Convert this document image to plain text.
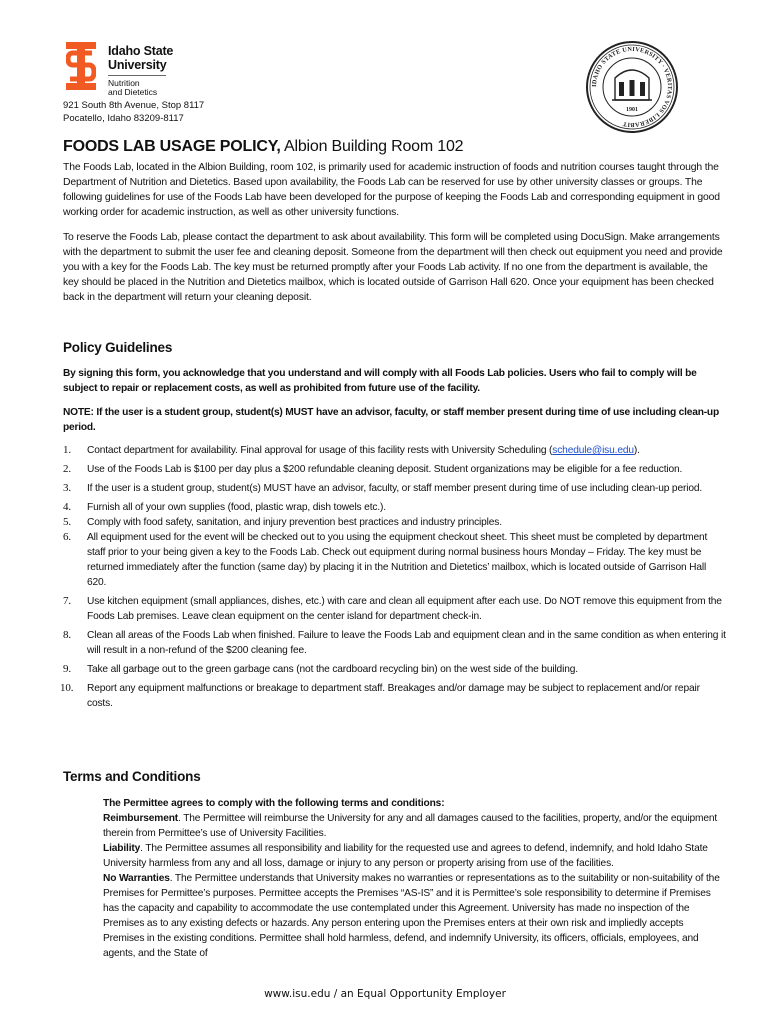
Idaho State
University
Nutrition
and Dietetics
921 South 8th Avenue, Stop 8117
Pocatello, Idaho 83209-8117
IDAHO STATE UNIVERSITY · VERITAS VOS LIBERABIT
1901
FOODS LAB USAGE POLICY, Albion Building Room 102

The Foods Lab, located in the Albion Building, room 102, is primarily used for academic instruction of foods and nutrition courses taught through the Department of Nutrition and Dietetics. Based upon availability, the Foods Lab can be reserved for use by other university classes or groups. The following guidelines for use of the Foods Lab have been developed for the purpose of keeping the Foods Lab and corresponding equipment in good working order for academic instruction, as well as other university functions.

To reserve the Foods Lab, please contact the department to ask about availability. This form will be completed using DocuSign. Make arrangements with the department to submit the user fee and cleaning deposit. Someone from the department will then check out equipment you need and provide you with a key for the Foods Lab. The key must be returned promptly after your Foods Lab activity. If no one from the department is available, the key should be placed in the Nutrition and Dietetics mailbox, which is located outside of Garrison Hall 620. Once your equipment has been checked back in the department will return your cleaning deposit.

Policy Guidelines

By signing this form, you acknowledge that you understand and will comply with all Foods Lab policies. Users who fail to comply will be subject to repair or replacement costs, as well as prohibited from future use of the facility.

NOTE: If the user is a student group, student(s) MUST have an advisor, faculty, or staff member present during time of use including clean-up period.

1. Contact department for availability. Final approval for usage of this facility rests with University Scheduling (schedule@isu.edu).
2. Use of the Foods Lab is $100 per day plus a $200 refundable cleaning deposit. Student organizations may be eligible for a fee reduction.
3. If the user is a student group, student(s) MUST have an advisor, faculty, or staff member present during time of use including clean-up period.
4. Furnish all of your own supplies (food, plastic wrap, dish towels etc.).
5. Comply with food safety, sanitation, and injury prevention best practices and industry principles.
6. All equipment used for the event will be checked out to you using the equipment checkout sheet. This sheet must be completed by department staff prior to your being given a key to the Foods Lab. Check out equipment during normal business hours Monday – Friday. The key must be returned immediately after the function (same day) by placing it in the Nutrition and Dietetics’ mailbox, which is located outside of Garrison Hall 620.
7. Use kitchen equipment (small appliances, dishes, etc.) with care and clean all equipment after each use. Do NOT remove this equipment from the Foods Lab premises. Leave clean equipment on the center island for department check-in.
8. Clean all areas of the Foods Lab when finished. Failure to leave the Foods Lab and equipment clean and in the same condition as when entering it will result in a non-refund of the $200 cleaning fee.
9. Take all garbage out to the green garbage cans (not the cardboard recycling bin) on the west side of the building.
10. Report any equipment malfunctions or breakage to department staff. Breakages and/or damage may be subject to replacement and/or repair costs.
Terms and Conditions
The Permittee agrees to comply with the following terms and conditions:
Reimbursement. The Permittee will reimburse the University for any and all damages caused to the facilities, property, and/or the equipment therein from Permittee’s use of University Facilities.
Liability. The Permittee assumes all responsibility and liability for the requested use and agrees to defend, indemnify, and hold Idaho State University harmless from any and all loss, damage or injury to any person or property arising from use of the facilities.
No Warranties. The Permittee understands that University makes no warranties or representations as to the suitability or non-suitability of the Premises for Permittee’s purposes. Permittee accepts the Premises “AS-IS” and it is Permittee’s sole responsibility to determine if Premises has the capacity and capability to accommodate the use contemplated under this Agreement. University has made no inspection of the Premises as to any existing defects or hazards. Any person entering upon the Premises enters at their own risk and impliedly accepts Premises in the existing conditions. Permittee shall hold harmless, defend, and indemnify University, its officers, officials, employees, and agents, and the State of
www.isu.edu / an Equal Opportunity Employer
